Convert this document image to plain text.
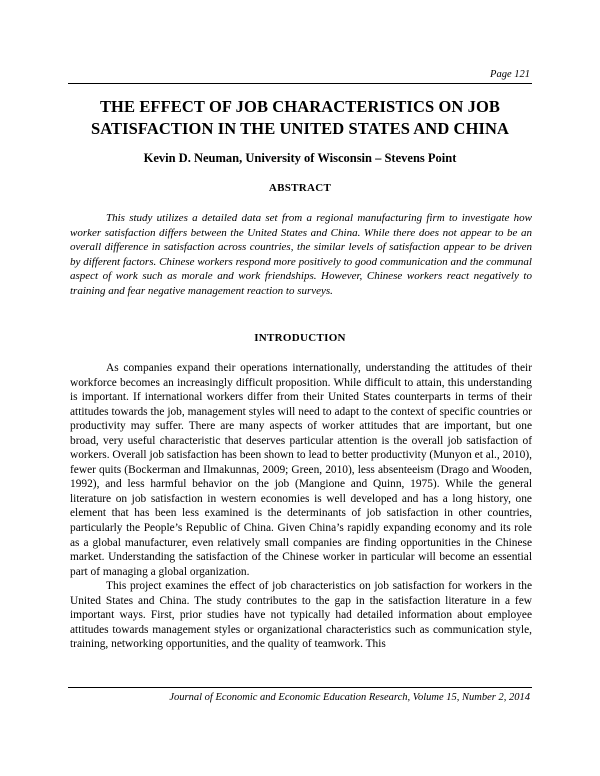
Page 121
THE EFFECT OF JOB CHARACTERISTICS ON JOB
SATISFACTION IN THE UNITED STATES AND CHINA
Kevin D. Neuman, University of Wisconsin – Stevens Point
ABSTRACT

This study utilizes a detailed data set from a regional manufacturing firm to investigate how worker satisfaction differs between the United States and China. While there does not appear to be an overall difference in satisfaction across countries, the similar levels of satisfaction appear to be driven by different factors. Chinese workers respond more positively to good communication and the communal aspect of work such as morale and work friendships. However, Chinese workers react negatively to training and fear negative management reaction to surveys.

INTRODUCTION

As companies expand their operations internationally, understanding the attitudes of their workforce becomes an increasingly difficult proposition. While difficult to attain, this understanding is important. If international workers differ from their United States counterparts in terms of their attitudes towards the job, management styles will need to adapt to the context of specific countries or productivity may suffer. There are many aspects of worker attitudes that are important, but one broad, very useful characteristic that deserves particular attention is the overall job satisfaction of workers. Overall job satisfaction has been shown to lead to better productivity (Munyon et al., 2010), fewer quits (Bockerman and Ilmakunnas, 2009; Green, 2010), less absenteeism (Drago and Wooden, 1992), and less harmful behavior on the job (Mangione and Quinn, 1975). While the general literature on job satisfaction in western economies is well developed and has a long history, one element that has been less examined is the determinants of job satisfaction in other countries, particularly the People’s Republic of China. Given China’s rapidly expanding economy and its role as a global manufacturer, even relatively small companies are finding opportunities in the Chinese market. Understanding the satisfaction of the Chinese worker in particular will become an essential part of managing a global organization.

This project examines the effect of job characteristics on job satisfaction for workers in the United States and China. The study contributes to the gap in the satisfaction literature in a few important ways. First, prior studies have not typically had detailed information about employee attitudes towards management styles or organizational characteristics such as communication style, training, networking opportunities, and the quality of teamwork. This

Journal of Economic and Economic Education Research, Volume 15, Number 2, 2014
